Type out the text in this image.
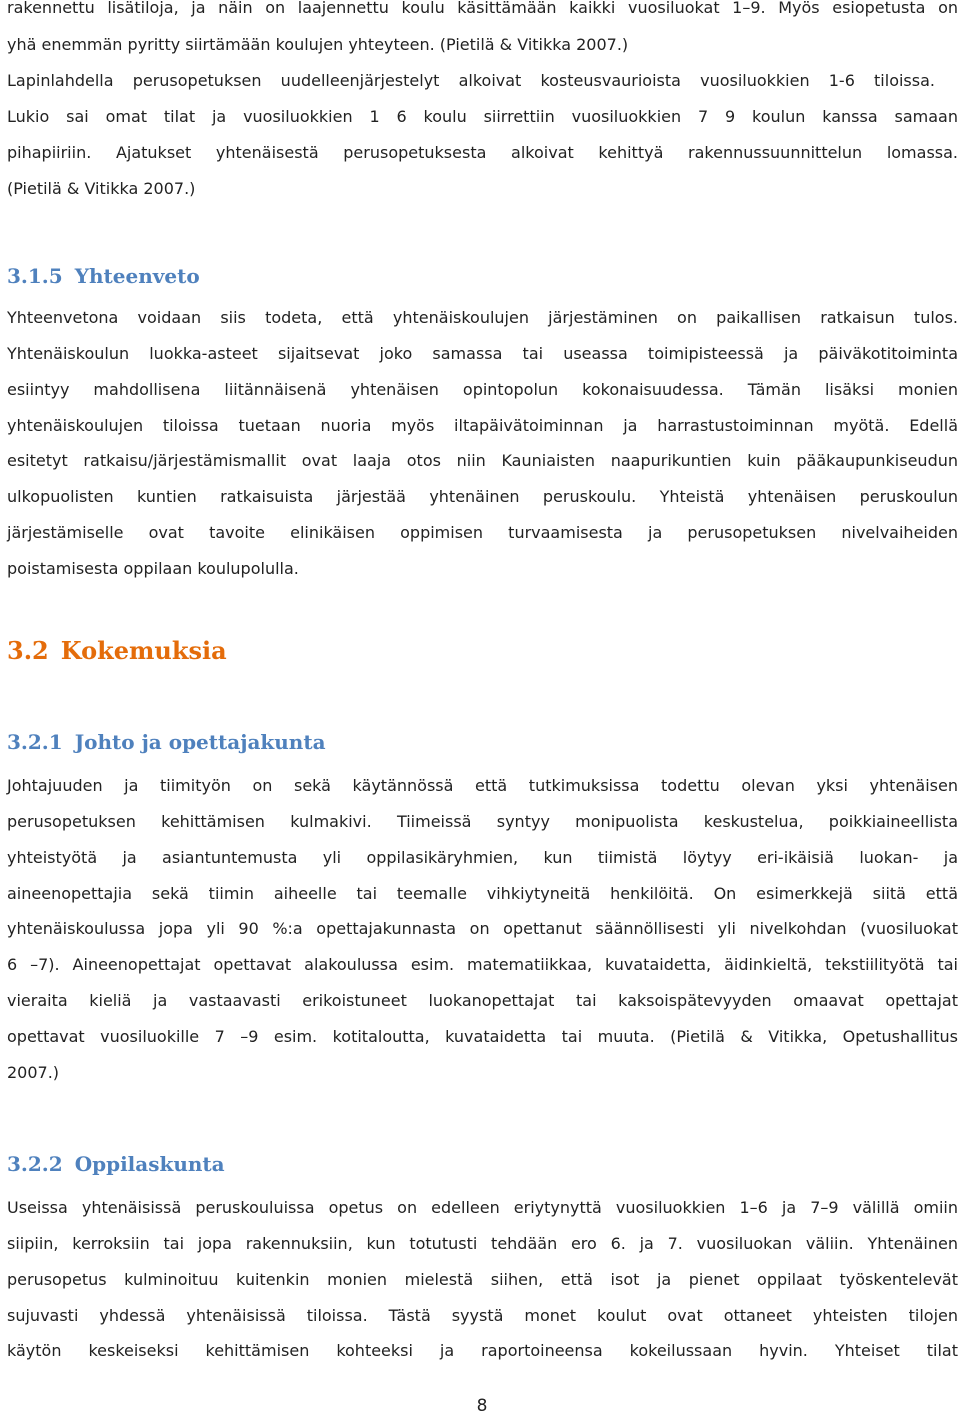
rakennettu lisätiloja, ja näin on laajennettu koulu käsittämään kaikki vuosiluokat 1–9. Myös esiopetusta on
yhä enemmän pyritty siirtämään koulujen yhteyteen. (Pietilä & Vitikka 2007.)
Lapinlahdella perusopetuksen uudelleenjärjestelyt alkoivat kosteusvaurioista vuosiluokkien 1-6 tiloissa.
Lukio sai omat tilat ja vuosiluokkien 1 6 koulu siirrettiin vuosiluokkien 7 9 koulun kanssa samaan
pihapiiriin. Ajatukset yhtenäisestä perusopetuksesta alkoivat kehittyä rakennussuunnittelun lomassa.
(Pietilä & Vitikka 2007.)
3.1.5 Yhteenveto
Yhteenvetona voidaan siis todeta, että yhtenäiskoulujen järjestäminen on paikallisen ratkaisun tulos.
Yhtenäiskoulun luokka-asteet sijaitsevat joko samassa tai useassa toimipisteessä ja päiväkotitoiminta
esiintyy mahdollisena liitännäisenä yhtenäisen opintopolun kokonaisuudessa. Tämän lisäksi monien
yhtenäiskoulujen tiloissa tuetaan nuoria myös iltapäivätoiminnan ja harrastustoiminnan myötä. Edellä
esitetyt ratkaisu/järjestämismallit ovat laaja otos niin Kauniaisten naapurikuntien kuin pääkaupunkiseudun
ulkopuolisten kuntien ratkaisuista järjestää yhtenäinen peruskoulu. Yhteistä yhtenäisen peruskoulun
järjestämiselle ovat tavoite elinikäisen oppimisen turvaamisesta ja perusopetuksen nivelvaiheiden
poistamisesta oppilaan koulupolulla.
3.2 Kokemuksia
3.2.1 Johto ja opettajakunta
Johtajuuden ja tiimityön on sekä käytännössä että tutkimuksissa todettu olevan yksi yhtenäisen
perusopetuksen kehittämisen kulmakivi. Tiimeissä syntyy monipuolista keskustelua, poikkiaineellista
yhteistyötä ja asiantuntemusta yli oppilasikäryhmien, kun tiimistä löytyy eri-ikäisiä luokan- ja
aineenopettajia sekä tiimin aiheelle tai teemalle vihkiytyneitä henkilöitä. On esimerkkejä siitä että
yhtenäiskoulussa jopa yli 90 %:a opettajakunnasta on opettanut säännöllisesti yli nivelkohdan (vuosiluokat
6 –7). Aineenopettajat opettavat alakoulussa esim. matematiikkaa, kuvataidetta, äidinkieltä, tekstiilityötä tai
vieraita kieliä ja vastaavasti erikoistuneet luokanopettajat tai kaksoispätevyyden omaavat opettajat
opettavat vuosiluokille 7 –9 esim. kotitaloutta, kuvataidetta tai muuta. (Pietilä & Vitikka, Opetushallitus
2007.)
3.2.2 Oppilaskunta
Useissa yhtenäisissä peruskouluissa opetus on edelleen eriytynyttä vuosiluokkien 1–6 ja 7–9 välillä omiin
siipiin, kerroksiin tai jopa rakennuksiin, kun totutusti tehdään ero 6. ja 7. vuosiluokan väliin. Yhtenäinen
perusopetus kulminoituu kuitenkin monien mielestä siihen, että isot ja pienet oppilaat työskentelevät
sujuvasti yhdessä yhtenäisissä tiloissa. Tästä syystä monet koulut ovat ottaneet yhteisten tilojen
käytön keskeiseksi kehittämisen kohteeksi ja raportoineensa kokeilussaan hyvin. Yhteiset tilat
8
